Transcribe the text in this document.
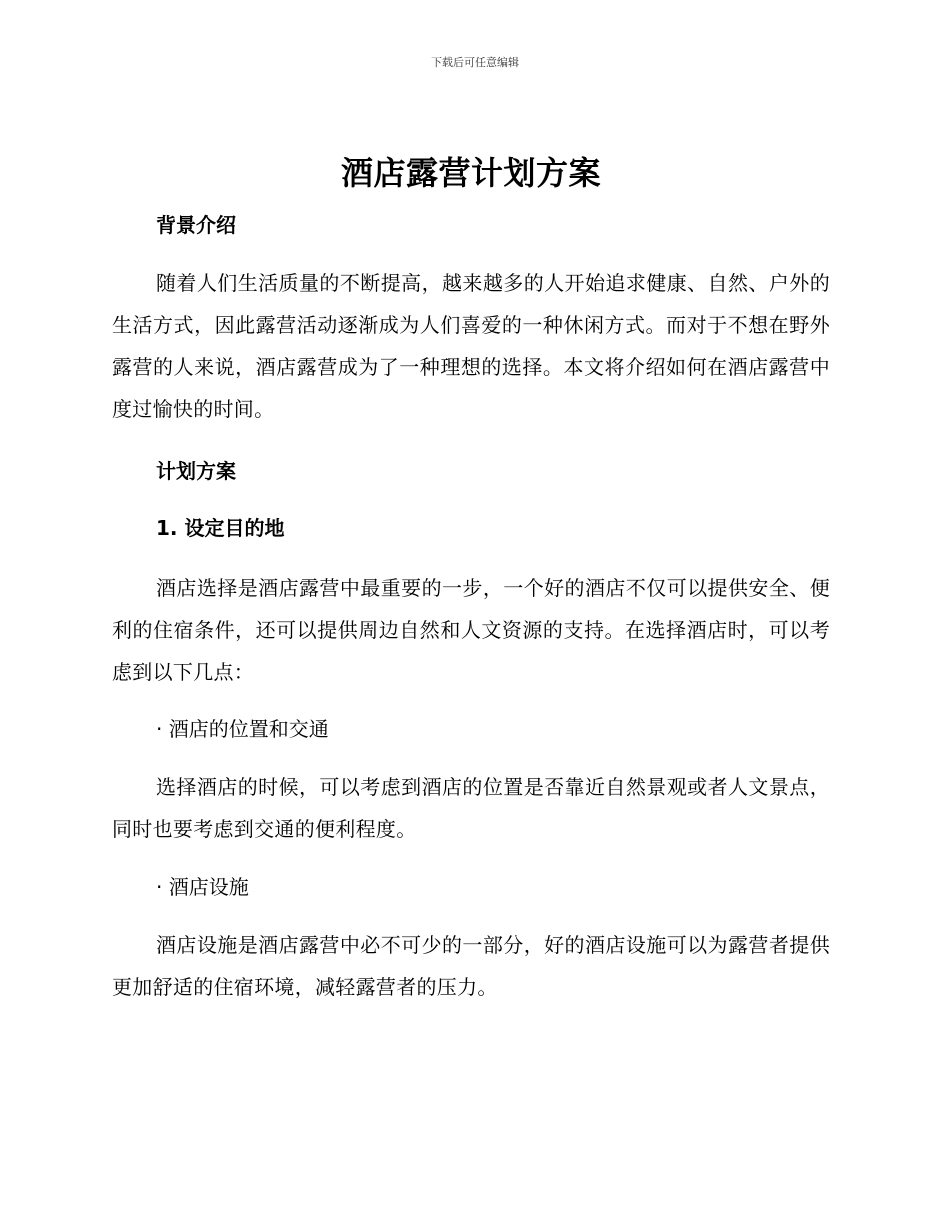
下载后可任意编辑
酒店露营计划方案

背景介绍

随着人们生活质量的不断提高，越来越多的人开始追求健康、自然、户外的生活方式，因此露营活动逐渐成为人们喜爱的一种休闲方式。而对于不想在野外露营的人来说，酒店露营成为了一种理想的选择。本文将介绍如何在酒店露营中度过愉快的时间。

计划方案

1. 设定目的地

酒店选择是酒店露营中最重要的一步，一个好的酒店不仅可以提供安全、便利的住宿条件，还可以提供周边自然和人文资源的支持。在选择酒店时，可以考虑到以下几点：

· 酒店的位置和交通

选择酒店的时候，可以考虑到酒店的位置是否靠近自然景观或者人文景点，同时也要考虑到交通的便利程度。

· 酒店设施

酒店设施是酒店露营中必不可少的一部分，好的酒店设施可以为露营者提供更加舒适的住宿环境，减轻露营者的压力。
